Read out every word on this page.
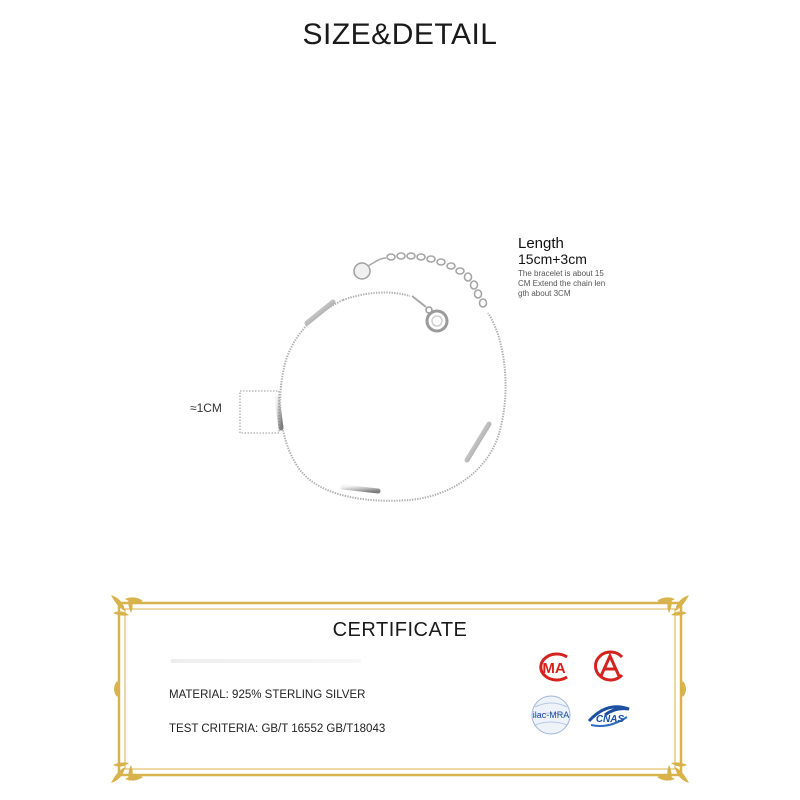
SIZE&DETAIL
Length
15cm+3cm
The bracelet is about 15
CM Extend the chain len
gth about 3CM
≈1CM
CERTIFICATE
MATERIAL: 925% STERLING SILVER
TEST CRITERIA: GB/T 16552 GB/T18043
MA
ilac-MRA	CNAS
